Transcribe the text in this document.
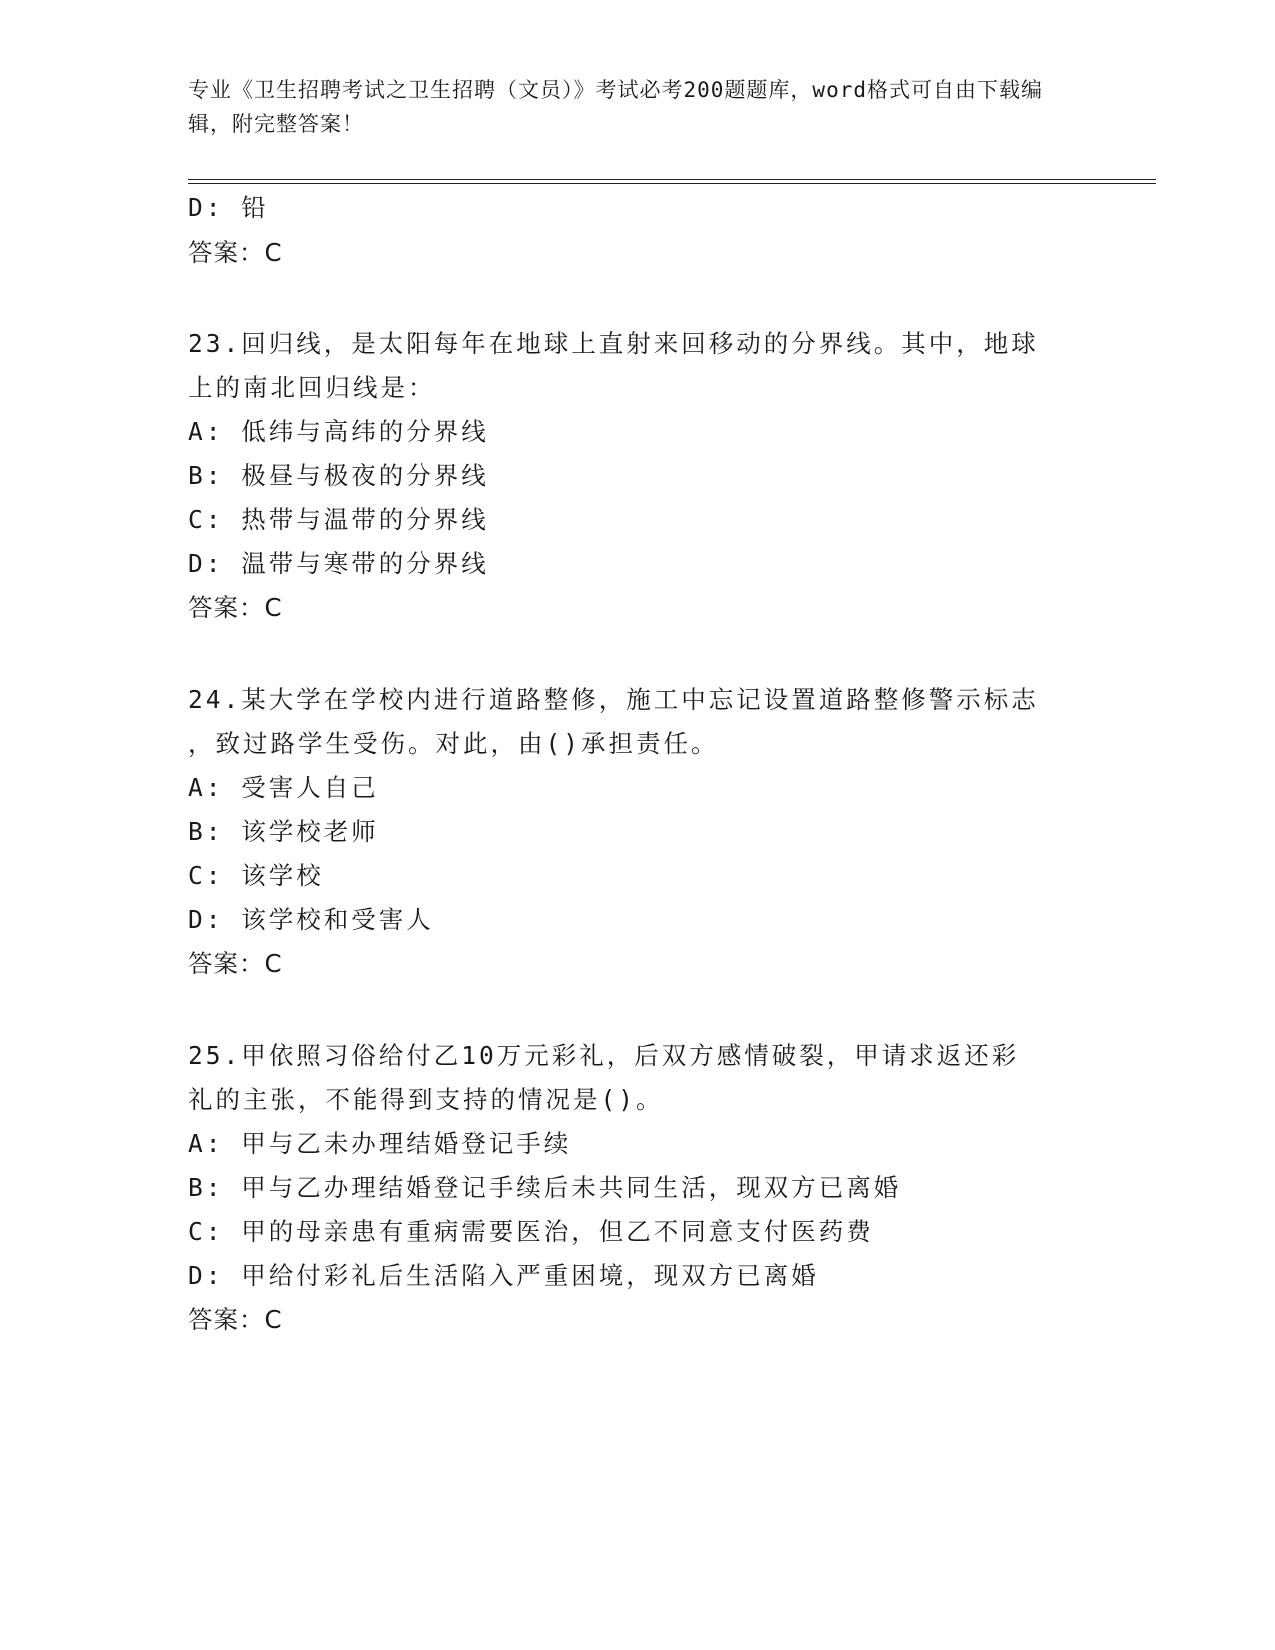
专业《卫生招聘考试之卫生招聘（文员）》考试必考200题题库，word格式可自由下载编辑，附完整答案！
D: 铅
答案：C
23.回归线，是太阳每年在地球上直射来回移动的分界线。其中，地球
上的南北回归线是：
A: 低纬与高纬的分界线
B: 极昼与极夜的分界线
C: 热带与温带的分界线
D: 温带与寒带的分界线
答案：C
24.某大学在学校内进行道路整修，施工中忘记设置道路整修警示标志
，致过路学生受伤。对此，由()承担责任。
A: 受害人自己
B: 该学校老师
C: 该学校
D: 该学校和受害人
答案：C
25.甲依照习俗给付乙10万元彩礼，后双方感情破裂，甲请求返还彩
礼的主张，不能得到支持的情况是()。
A: 甲与乙未办理结婚登记手续
B: 甲与乙办理结婚登记手续后未共同生活，现双方已离婚
C: 甲的母亲患有重病需要医治，但乙不同意支付医药费
D: 甲给付彩礼后生活陷入严重困境，现双方已离婚
答案：C
